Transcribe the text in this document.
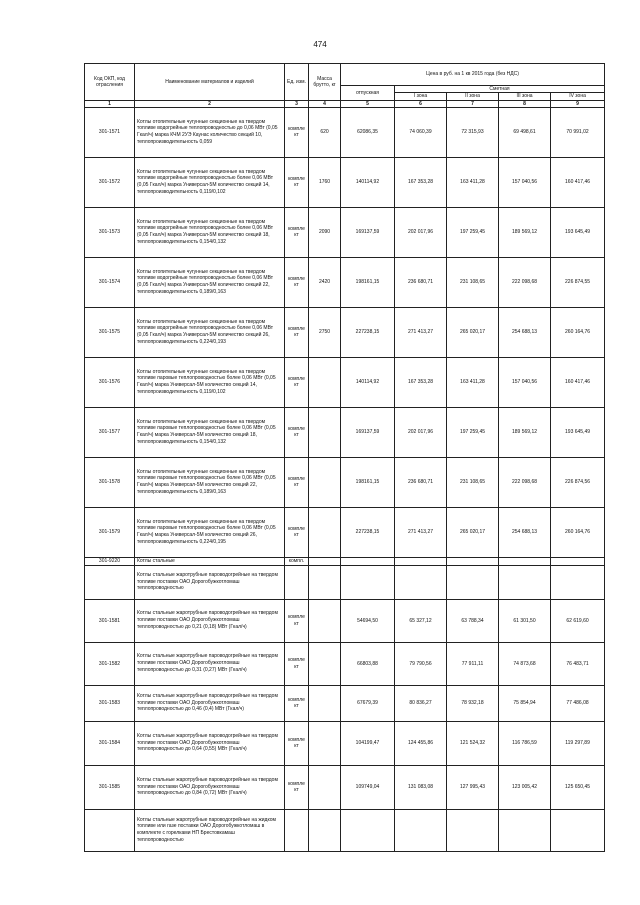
474
Код ОКП, код отрасления	Наименование материалов и изделий	Ед. изм.	Масса брутто, кг	Цена в руб. на 1 кв 2015 года (без НДС)				
				отпускная	Сметная			
					I зона	II зона	III зона	IV зона
1	2	3	4	5	6	7	8	9
301-1571	Котлы отопительные чугунные секционные на твердом топливе водогрейные теплопроводностью до 0,06 МВт (0,05 Гкал/ч) марка КЧМ 2УЭ Каунас количество секций 10, теплопроизводительность 0,059	компле кт	620	62086,35	74 060,39	72 315,93	69 498,61	70 991,02
301-1572	Котлы отопительные чугунные секционные на твердом топливе водогрейные теплопроводностью более 0,06 МВт (0,05 Гкал/ч) марка Универсал-5М количество секций 14, теплопроизводительность 0,119/0,102	компле кт	1760	140114,92	167 353,28	163 411,28	157 040,56	160 417,46
301-1573	Котлы отопительные чугунные секционные на твердом топливе водогрейные теплопроводностью более 0,06 МВт (0,05 Гкал/ч) марка Универсал-5М количество секций 18, теплопроизводительность 0,154/0,132	компле кт	2090	169137,59	202 017,96	197 259,45	189 569,12	193 645,49
301-1574	Котлы отопительные чугунные секционные на твердом топливе водогрейные теплопроводностью более 0,06 МВт (0,05 Гкал/ч) марка Универсал-5М количество секций 22, теплопроизводительность 0,189/0,163	компле кт	2420	198161,15	236 680,71	231 108,65	222 098,68	226 874,55
301-1575	Котлы отопительные чугунные секционные на твердом топливе водогрейные теплопроводностью более 0,06 МВт (0,05 Гкал/ч) марка Универсал-5М количество секций 26, теплопроизводительность 0,224/0,193	компле кт	2750	227238,15	271 413,27	265 020,17	254 688,13	260 164,76
301-1576	Котлы отопительные чугунные секционные на твердом топливе паровые теплопроводностью более 0,06 МВт (0,05 Гкал/ч) марка Универсал-5М количество секций 14, теплопроизводительность 0,119/0,102	компле кт		140114,92	167 353,28	163 411,28	157 040,56	160 417,46
301-1577	Котлы отопительные чугунные секционные на твердом топливе паровые теплопроводностью более 0,06 МВт (0,05 Гкал/ч) марка Универсал-5М количество секций 18, теплопроизводительность 0,154/0,132	компле кт		169137,59	202 017,96	197 259,45	189 569,12	193 645,49
301-1578	Котлы отопительные чугунные секционные на твердом топливе паровые теплопроводностью более 0,06 МВт (0,05 Гкал/ч) марка Универсал-5М количество секций 22, теплопроизводительность 0,189/0,163	компле кт		198161,15	236 680,71	231 108,65	222 098,68	226 874,56
301-1579	Котлы отопительные чугунные секционные на твердом топливе паровые теплопроводностью более 0,06 МВт (0,05 Гкал/ч) марка Универсал-5М количество секций 26, теплопроизводительность 0,224/0,195	компле кт		227238,15	271 413,27	265 020,17	254 688,13	260 164,76
301-9220	Котлы стальные	компл.						
	Котлы стальные жаротрубные пароводогрейные на твердом топливе поставки ОАО Дорогобужкотломаш теплопроводностью							
301-1581	Котлы стальные жаротрубные пароводогрейные на твердом топливе поставки ОАО Дорогобужкотломаш теплопроводностью до 0,21 (0,18) МВт (Гкал/ч)	компле кт		54694,50	65 327,12	63 788,34	61 301,50	62 619,60
301-1582	Котлы стальные жаротрубные пароводогрейные на твердом топливе поставки ОАО Дорогобужкотломаш теплопроводностью до 0,31 (0,27) МВт (Гкал/ч)	компле кт		66803,88	79 790,56	77 911,11	74 873,68	76 483,71
301-1583	Котлы стальные жаротрубные пароводогрейные на твердом топливе поставки ОАО Дорогобужкотломаш теплопроводностью до 0,46 (0,4) МВт (Гкал/ч)	компле кт		67679,39	80 836,27	78 932,18	75 854,94	77 486,08
301-1584	Котлы стальные жаротрубные пароводогрейные на твердом топливе поставки ОАО Дорогобужкотломаш теплопроводностью до 0,64 (0,55) МВт (Гкал/ч)	компле кт		104199,47	124 455,86	121 524,32	116 786,59	119 297,89
301-1585	Котлы стальные жаротрубные пароводогрейные на твердом топливе поставки ОАО Дорогобужкотломаш теплопроводностью до 0,84 (0,72) МВт (Гкал/ч)	компле кт		109749,04	131 083,08	127 995,43	123 005,42	125 650,45
	Котлы стальные жаротрубные пароводогрейные на жидком топливе или газе поставки ОАО Дорогобужкотломаш в комплекте с горелками НП Брестовкамаш теплопроводностью							
